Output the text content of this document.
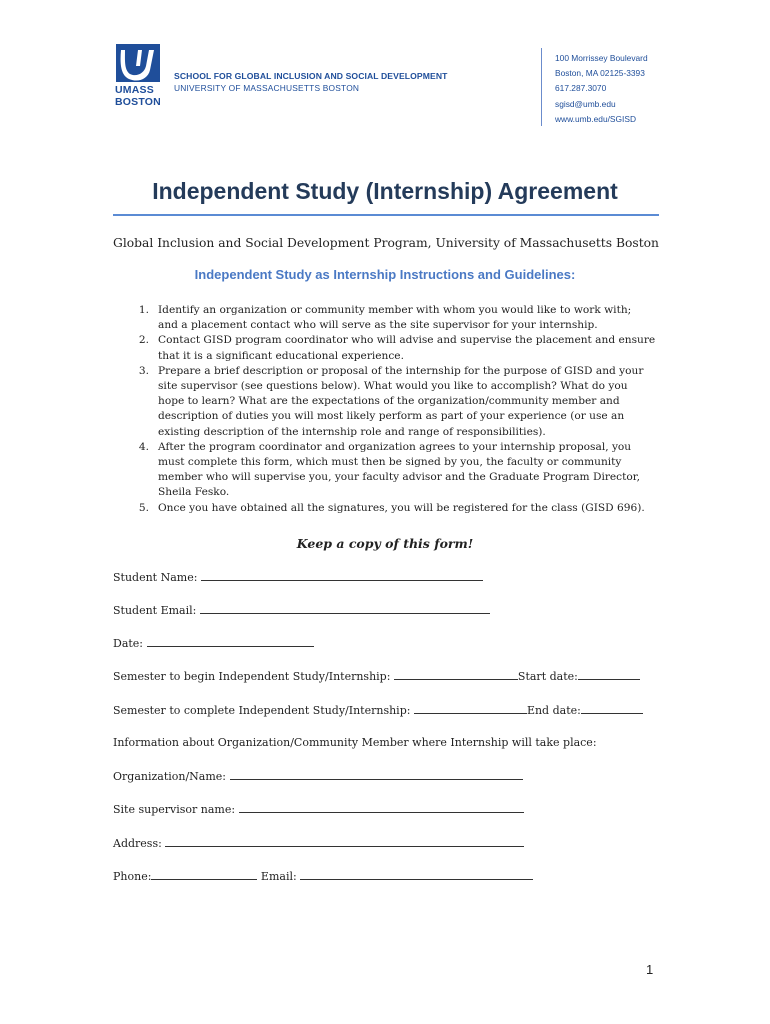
UMASS
BOSTON
SCHOOL FOR GLOBAL INCLUSION AND SOCIAL DEVELOPMENT
UNIVERSITY OF MASSACHUSETTS BOSTON
100 Morrissey Boulevard
Boston, MA 02125-3393
617.287.3070
sgisd@umb.edu
www.umb.edu/SGISD
Independent Study (Internship) Agreement
Global Inclusion and Social Development Program, University of Massachusetts Boston
Independent Study as Internship Instructions and Guidelines:
1. Identify an organization or community member with whom you would like to work with;
and a placement contact who will serve as the site supervisor for your internship.
2. Contact GISD program coordinator who will advise and supervise the placement and ensure
that it is a significant educational experience.
3. Prepare a brief description or proposal of the internship for the purpose of GISD and your
site supervisor (see questions below). What would you like to accomplish? What do you
hope to learn? What are the expectations of the organization/community member and
description of duties you will most likely perform as part of your experience (or use an
existing description of the internship role and range of responsibilities).
4. After the program coordinator and organization agrees to your internship proposal, you
must complete this form, which must then be signed by you, the faculty or community
member who will supervise you, your faculty advisor and the Graduate Program Director,
Sheila Fesko.
5. Once you have obtained all the signatures, you will be registered for the class (GISD 696).
Keep a copy of this form!
Student Name:
Student Email:
Date:
Semester to begin Independent Study/Internship:	Start date:
Semester to complete Independent Study/Internship:	End date:
Information about Organization/Community Member where Internship will take place:
Organization/Name:
Site supervisor name:
Address:
Phone:	Email:
1
